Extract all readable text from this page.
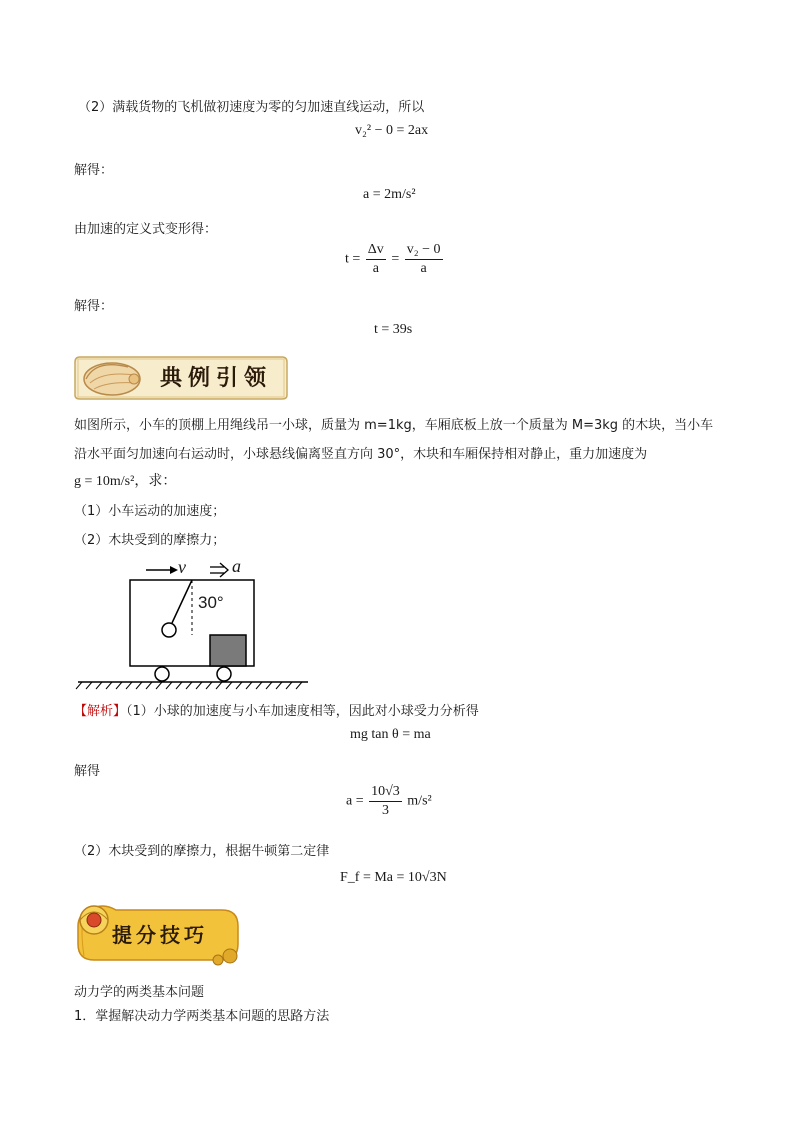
（2）满载货物的飞机做初速度为零的匀加速直线运动，所以
v₂² − 0 = 2ax
解得：
a = 2m/s²
由加速的定义式变形得：
$t = \frac{\Delta v}{a} = \frac{\text{v₂ − 0}}{a}$
解得：
t = 39s
典例引领
如图所示，小车的顶棚上用绳线吊一小球，质量为 m=1kg，车厢底板上放一个质量为 M=3kg 的木块，当小车
沿水平面匀加速向右运动时，小球悬线偏离竖直方向 30°，木块和车厢保持相对静止，重力加速度为
g = 10m/s²，求：
（1）小车运动的加速度；
（2）木块受到的摩擦力；
v	a
30°
【解析】（1）小球的加速度与小车加速度相等，因此对小球受力分析得
mg tan θ = ma
解得
$a = \frac{10√3}{3} m/s^2$
（2）木块受到的摩擦力，根据牛顿第二定律
F_f = Ma = 10√3N
提分技巧
动力学的两类基本问题
1．掌握解决动力学两类基本问题的思路方法
